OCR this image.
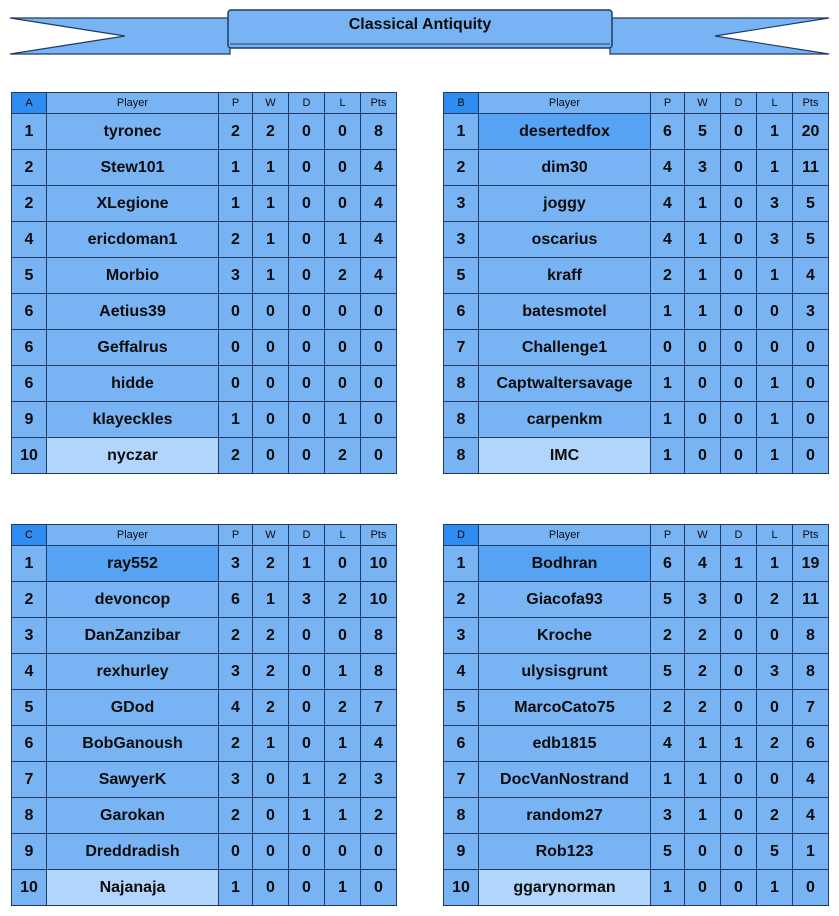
Classical Antiquity
A	Player	P	W	D	L	Pts
1	tyronec	2	2	0	0	8
2	Stew101	1	1	0	0	4
2	XLegione	1	1	0	0	4
4	ericdoman1	2	1	0	1	4
5	Morbio	3	1	0	2	4
6	Aetius39	0	0	0	0	0
6	Geffalrus	0	0	0	0	0
6	hidde	0	0	0	0	0
9	klayeckles	1	0	0	1	0
10	nyczar	2	0	0	2	0
B	Player	P	W	D	L	Pts
1	desertedfox	6	5	0	1	20
2	dim30	4	3	0	1	11
3	joggy	4	1	0	3	5
3	oscarius	4	1	0	3	5
5	kraff	2	1	0	1	4
6	batesmotel	1	1	0	0	3
7	Challenge1	0	0	0	0	0
8	Captwaltersavage	1	0	0	1	0
8	carpenkm	1	0	0	1	0
8	IMC	1	0	0	1	0
C	Player	P	W	D	L	Pts
1	ray552	3	2	1	0	10
2	devoncop	6	1	3	2	10
3	DanZanzibar	2	2	0	0	8
4	rexhurley	3	2	0	1	8
5	GDod	4	2	0	2	7
6	BobGanoush	2	1	0	1	4
7	SawyerK	3	0	1	2	3
8	Garokan	2	0	1	1	2
9	Dreddradish	0	0	0	0	0
10	Najanaja	1	0	0	1	0
D	Player	P	W	D	L	Pts
1	Bodhran	6	4	1	1	19
2	Giacofa93	5	3	0	2	11
3	Kroche	2	2	0	0	8
4	ulysisgrunt	5	2	0	3	8
5	MarcoCato75	2	2	0	0	7
6	edb1815	4	1	1	2	6
7	DocVanNostrand	1	1	0	0	4
8	random27	3	1	0	2	4
9	Rob123	5	0	0	5	1
10	ggarynorman	1	0	0	1	0
